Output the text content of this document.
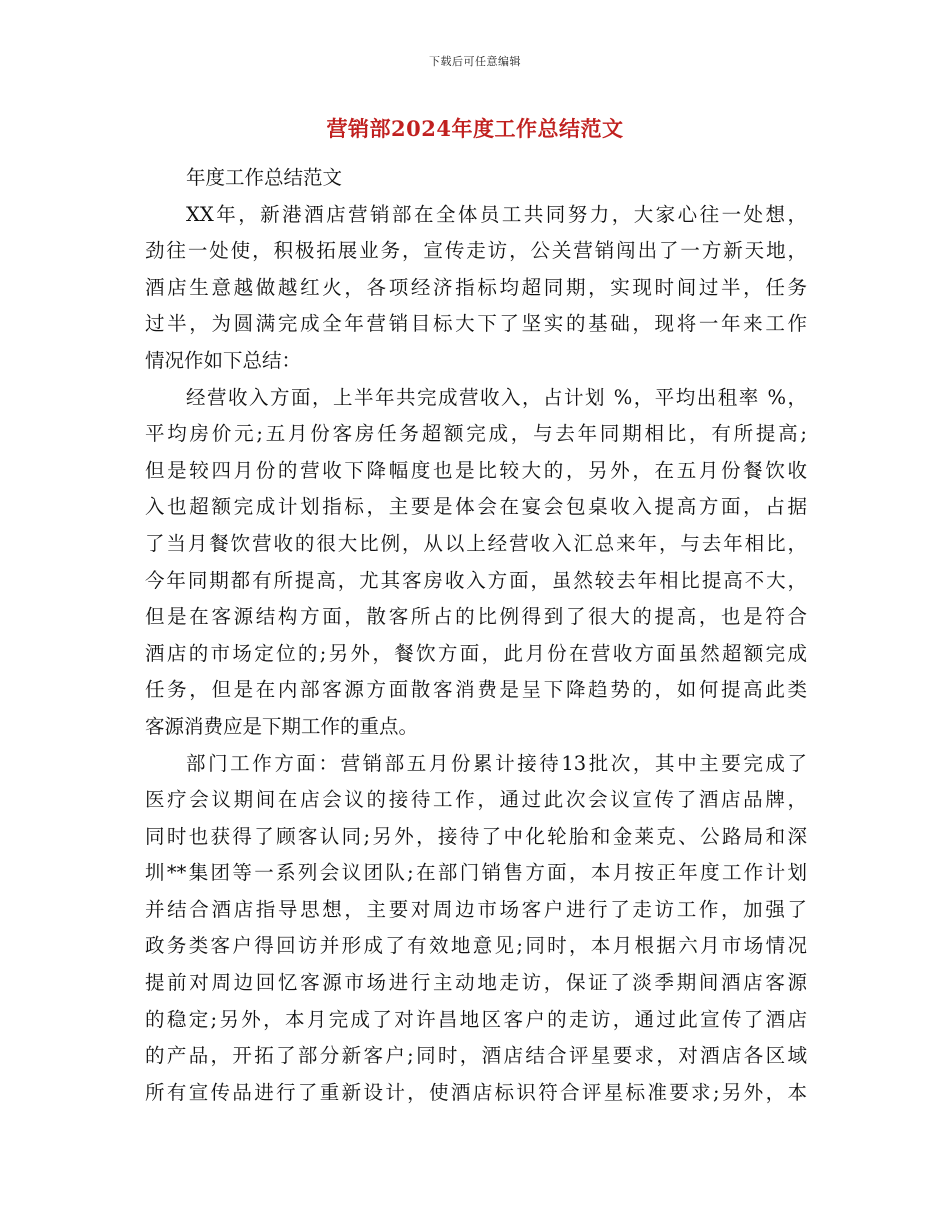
下载后可任意编辑
营销部2024年度工作总结范文
年度工作总结范文
XX年，新港酒店营销部在全体员工共同努力，大家心往一处想，
劲往一处使，积极拓展业务，宣传走访，公关营销闯出了一方新天地，
酒店生意越做越红火，各项经济指标均超同期，实现时间过半，任务
过半，为圆满完成全年营销目标大下了坚实的基础，现将一年来工作
情况作如下总结：
经营收入方面，上半年共完成营收入，占计划 %，平均出租率 %，
平均房价元;五月份客房任务超额完成，与去年同期相比，有所提高;
但是较四月份的营收下降幅度也是比较大的，另外，在五月份餐饮收
入也超额完成计划指标，主要是体会在宴会包桌收入提高方面，占据
了当月餐饮营收的很大比例，从以上经营收入汇总来年，与去年相比，
今年同期都有所提高，尤其客房收入方面，虽然较去年相比提高不大，
但是在客源结构方面，散客所占的比例得到了很大的提高，也是符合
酒店的市场定位的;另外，餐饮方面，此月份在营收方面虽然超额完成
任务，但是在内部客源方面散客消费是呈下降趋势的，如何提高此类
客源消费应是下期工作的重点。
部门工作方面：营销部五月份累计接待13批次，其中主要完成了
医疗会议期间在店会议的接待工作，通过此次会议宣传了酒店品牌，
同时也获得了顾客认同;另外，接待了中化轮胎和金莱克、公路局和深
圳**集团等一系列会议团队;在部门销售方面，本月按正年度工作计划
并结合酒店指导思想，主要对周边市场客户进行了走访工作，加强了
政务类客户得回访并形成了有效地意见;同时，本月根据六月市场情况
提前对周边回忆客源市场进行主动地走访，保证了淡季期间酒店客源
的稳定;另外，本月完成了对许昌地区客户的走访，通过此宣传了酒店
的产品，开拓了部分新客户;同时，酒店结合评星要求，对酒店各区域
所有宣传品进行了重新设计，使酒店标识符合评星标准要求;另外，本
